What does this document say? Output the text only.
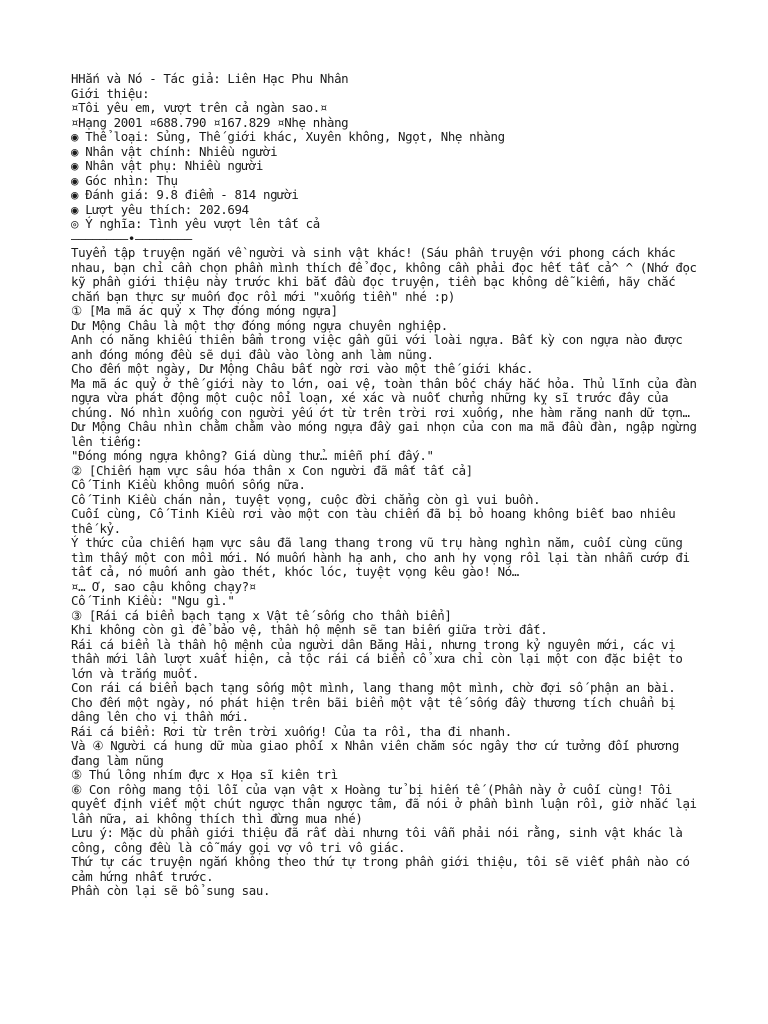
HHắn và Nó - Tác giả: Liên Hạc Phu Nhân

Giới thiệu:

¤Tôi yêu em, vượt trên cả ngàn sao.¤

¤Hạng 2001 ¤688.790 ¤167.829 ¤Nhẹ nhàng

◉ Thể loại: Sủng, Thế giới khác, Xuyên không, Ngọt, Nhẹ nhàng

◉ Nhân vật chính: Nhiều người

◉ Nhân vật phụ: Nhiều người

◉ Góc nhìn: Thụ

◉ Đánh giá: 9.8 điểm - 814 người

◉ Lượt yêu thích: 202.694

◎ Ý nghĩa: Tình yêu vượt lên tất cả

————————•————————

Tuyển tập truyện ngắn về người và sinh vật khác! (Sáu phần truyện với phong cách khác nhau, bạn chỉ cần chọn phần mình thích để đọc, không cần phải đọc hết tất cả^ ^ (Nhớ đọc kỹ phần giới thiệu này trước khi bắt đầu đọc truyện, tiền bạc không dễ kiếm, hãy chắc chắn bạn thực sự muốn đọc rồi mới "xuống tiền" nhé :p)

① [Ma mã ác quỷ x Thợ đóng móng ngựa]

Dư Mộng Châu là một thợ đóng móng ngựa chuyên nghiệp.

Anh có năng khiếu thiên bẩm trong việc gần gũi với loài ngựa. Bất kỳ con ngựa nào được anh đóng móng đều sẽ dụi đầu vào lòng anh làm nũng.

Cho đến một ngày, Dư Mộng Châu bất ngờ rơi vào một thế giới khác.

Ma mã ác quỷ ở thế giới này to lớn, oai vệ, toàn thân bốc cháy hắc hỏa. Thủ lĩnh của đàn ngựa vừa phát động một cuộc nổi loạn, xé xác và nuốt chửng những kỵ sĩ trước đây của chúng. Nó nhìn xuống con người yếu ớt từ trên trời rơi xuống, nhe hàm răng nanh dữ tợn…

Dư Mộng Châu nhìn chằm chằm vào móng ngựa đầy gai nhọn của con ma mã đầu đàn, ngập ngừng lên tiếng:

"Đóng móng ngựa không? Giá dùng thử… miễn phí đấy."

② [Chiến hạm vực sâu hóa thân x Con người đã mất tất cả]

Cố Tinh Kiều không muốn sống nữa.

Cố Tinh Kiều chán nản, tuyệt vọng, cuộc đời chẳng còn gì vui buồn.

Cuối cùng, Cố Tinh Kiều rơi vào một con tàu chiến đã bị bỏ hoang không biết bao nhiêu thế kỷ.

Ý thức của chiến hạm vực sâu đã lang thang trong vũ trụ hàng nghìn năm, cuối cùng cũng tìm thấy một con mồi mới. Nó muốn hành hạ anh, cho anh hy vọng rồi lại tàn nhẫn cướp đi tất cả, nó muốn anh gào thét, khóc lóc, tuyệt vọng kêu gào! Nó…

¤… Ơ, sao cậu không chạy?¤

Cố Tinh Kiều: "Ngu gì."

③ [Rái cá biển bạch tạng x Vật tế sống cho thần biển]

Khi không còn gì để bảo vệ, thần hộ mệnh sẽ tan biến giữa trời đất.

Rái cá biển là thần hộ mệnh của người dân Băng Hải, nhưng trong kỷ nguyên mới, các vị thần mới lần lượt xuất hiện, cả tộc rái cá biển cổ xưa chỉ còn lại một con đặc biệt to lớn và trắng muốt.

Con rái cá biển bạch tạng sống một mình, lang thang một mình, chờ đợi số phận an bài. Cho đến một ngày, nó phát hiện trên bãi biển một vật tế sống đầy thương tích chuẩn bị dâng lên cho vị thần mới.

Rái cá biển: Rơi từ trên trời xuống! Của ta rồi, tha đi nhanh.

Và ④ Người cá hung dữ mùa giao phối x Nhân viên chăm sóc ngây thơ cứ tưởng đối phương đang làm nũng

⑤ Thú lông nhím đực x Họa sĩ kiên trì

⑥ Con rồng mang tội lỗi của vạn vật x Hoàng tử bị hiến tế (Phần này ở cuối cùng! Tôi quyết định viết một chút ngược thân ngược tâm, đã nói ở phần bình luận rồi, giờ nhắc lại lần nữa, ai không thích thì đừng mua nhé)

Lưu ý: Mặc dù phần giới thiệu đã rất dài nhưng tôi vẫn phải nói rằng, sinh vật khác là công, công đều là cỗ máy gọi vợ vô tri vô giác.

Thứ tự các truyện ngắn không theo thứ tự trong phần giới thiệu, tôi sẽ viết phần nào có cảm hứng nhất trước.

Phần còn lại sẽ bổ sung sau.
